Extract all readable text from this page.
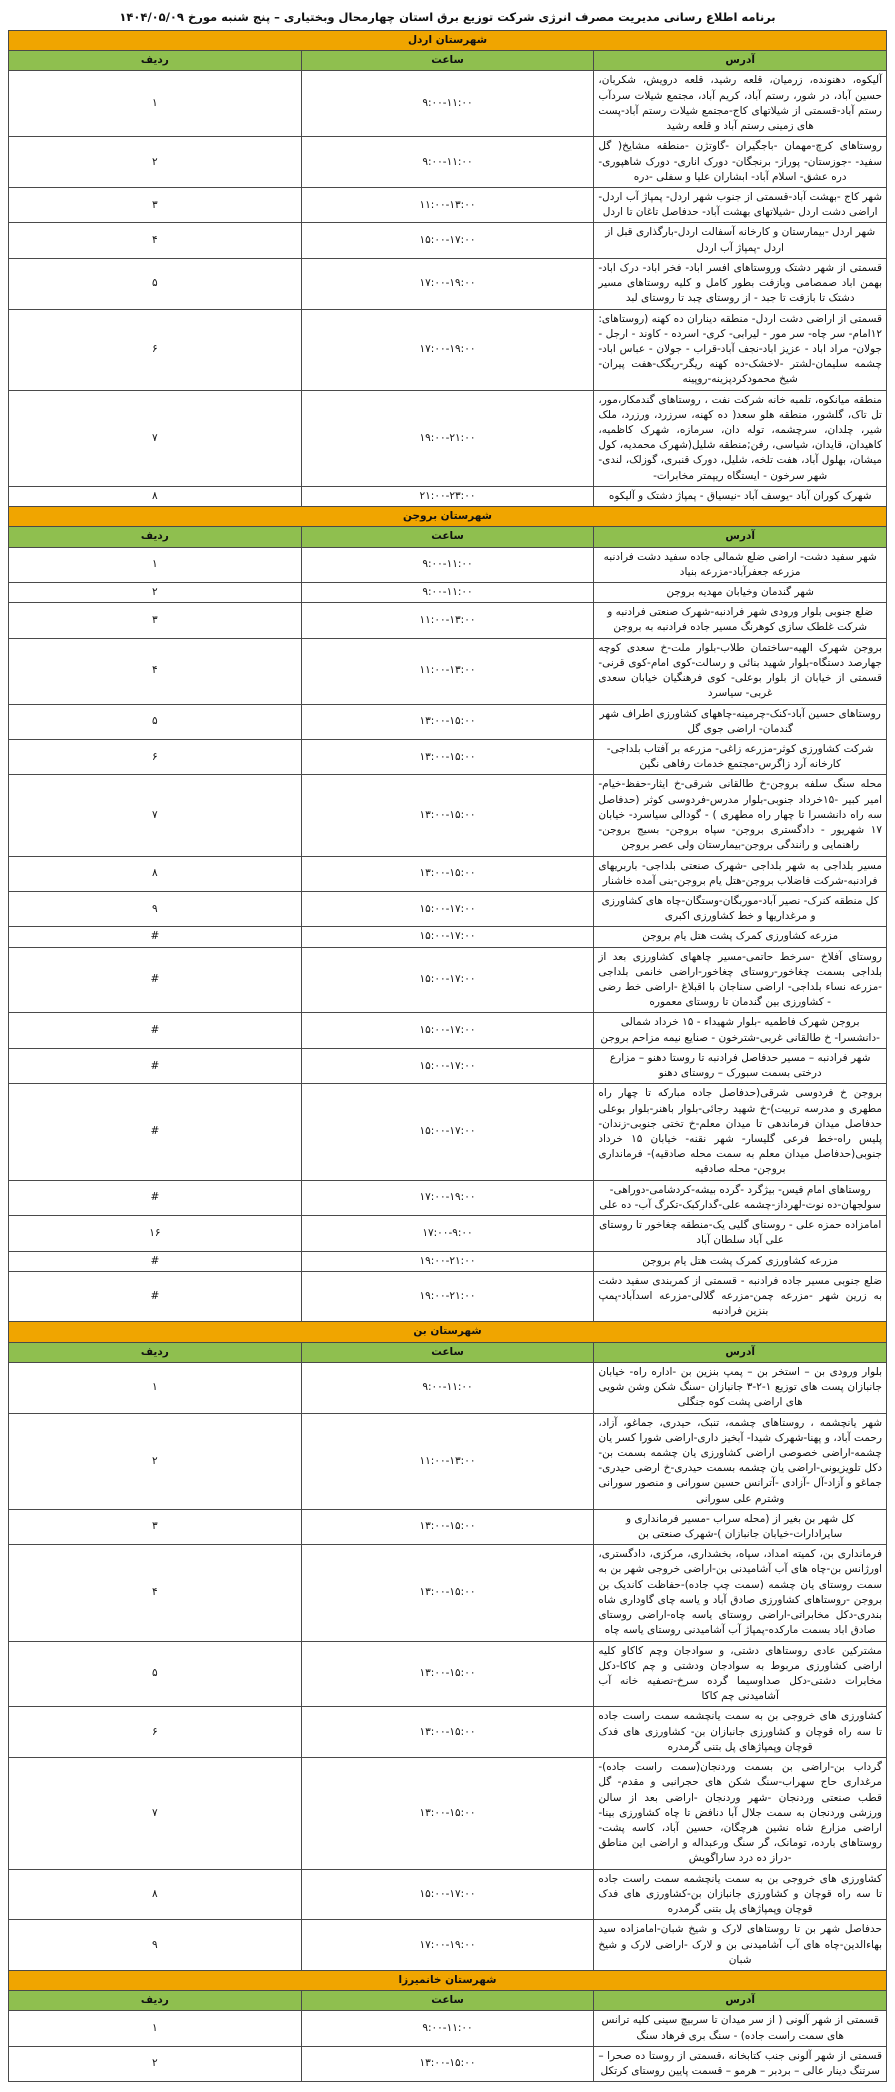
برنامه اطلاع رسانی مدیریت مصرف انرژی شرکت توزیع برق استان چهارمحال وبختیاری – پنج شنبه مورخ ۱۴۰۴/۰۵/۰۹
شهرستان اردل		
آدرس	ساعت	ردیف
آلیکوه، دهنونده، زرمیان، قلعه رشید، قلعه درویش، شکربان، حسین آباد، در شور، رستم آباد، کریم آباد، مجتمع شیلات سردآب رستم آباد-قسمتی از شیلاتهای کاج-مجتمع شیلات رستم آباد-پست های زمینی رستم آباد و قلعه رشید	۹:۰۰-۱۱:۰۰	۱
روستاهای کرچ-مهمان -باجگیران -گاوتژن -منطقه مشایخ( گل سفید- -جوزستان- پوراز- برنجگان- دورک اناری- دورک شاهپوری-دره عشق- اسلام آباد- ابشاران علیا و سفلی -دره	۹:۰۰-۱۱:۰۰	۲
شهر کاج -بهشت آباد-قسمتی از جنوب شهر اردل- پمپاژ آب اردل- اراضی دشت اردل -شیلاتهای بهشت آباد- حدفاصل تاغان تا اردل	۱۱:۰۰-۱۳:۰۰	۳
شهر اردل -بیمارستان و کارخانه آسفالت اردل-بارگذاری قبل از اردل -پمپاژ آب اردل	۱۵:۰۰-۱۷:۰۰	۴
قسمتی از شهر دشتک وروستاهای افسر اباد- فخر اباد- درک اباد- بهمن اباد صمصامی وبازفت بطور کامل و کلیه روستاهای مسیر دشتک تا بازفت تا جبد - از روستای چبد تا روستای لبد	۱۷:۰۰-۱۹:۰۰	۵
قسمتی از اراضی دشت اردل- منطقه دیناران ده کهنه (روستاهای: ۱۲امام- سر چاه- سر مور - لیرابی- کری- اسرده - کاوند - ارجل - جولان- مراد اباد - عزیز اباد-نجف آباد-قراب - جولان - عباس اباد- چشمه سلیمان-لشتر -لاخشک-ده کهنه ریگر-ریگک-هفت پیران-شیخ محمودکردپزینه-روپینه	۱۷:۰۰-۱۹:۰۰	۶
منطقه میانکوه، تلمبه خانه شرکت نفت ، روستاهای گندمکار،مور، تل تاک، گلشور، منطقه هلو سعد( ده کهنه، سرزرد، ورزرد، ملک شیر، چلدان، سرچشمه، توله دان، سرمازه، شهرک کاظمیه، کاهیدان، قایدان، شیاسی، رفن;منطقه شلیل(شهرک محمدیه، کول میشان، بهلول آباد، هفت تلخه، شلیل، دورک قنبری، گوزلک، لندی- شهر سرخون - ایستگاه ریپمتر مخابرات-	۱۹:۰۰-۲۱:۰۰	۷
شهرک کوران آباد -یوسف آباد -نیسیاق - پمپاژ دشتک و آلیکوه	۲۱:۰۰-۲۳:۰۰	۸
شهرستان بروجن		
آدرس	ساعت	ردیف
شهر سفید دشت- اراضی ضلع شمالی جاده سفید دشت فرادنبه مزرعه جعفرآباد-مزرعه بنیاد	۹:۰۰-۱۱:۰۰	۱
شهر گندمان وخیابان مهدیه بروجن	۹:۰۰-۱۱:۰۰	۲
ضلع جنوبی بلوار ورودی شهر فرادنبه-شهرک صنعتی فرادنبه و شرکت غلطک سازی کوهرنگ مسیر جاده فرادنبه به بروجن	۱۱:۰۰-۱۳:۰۰	۳
بروجن شهرک الهیه-ساختمان طلاب-بلوار ملت-خ سعدی کوچه جهارصد دستگاه-بلوار شهید بنائی و رسالت-کوی امام-کوی قرنی-قسمتی از خیابان از بلوار بوعلی- کوی فرهنگیان خیابان سعدی غربی- سیاسرد	۱۱:۰۰-۱۳:۰۰	۴
روستاهای حسین آباد-کنک-چرمینه-چاههای کشاورزی اطراف شهر گندمان- اراضی جوی گل	۱۳:۰۰-۱۵:۰۰	۵
شرکت کشاورزی کوثر-مزرعه زاغی- مزرعه بر آفتاب بلداجی- کارخانه آرد زاگرس-مجتمع خدمات رفاهی نگین	۱۳:۰۰-۱۵:۰۰	۶
محله سنگ سلفه بروجن-خ طالقانی شرقی-خ ایثار-حفظ-خیام-امیر کبیر -۱۵خرداد جنوبی-بلوار مدرس-فردوسی کوثر (حدفاصل سه راه دانشسرا تا چهار راه مطهری ) - گودالی سیاسرد- خیابان ۱۷ شهریور - دادگستری بروجن- سپاه بروجن- بسیج بروجن- راهنمایی و رانندگی بروجن-بیمارستان ولی عصر بروجن	۱۳:۰۰-۱۵:۰۰	۷
مسیر بلداجی به شهر بلداجی -شهرک صنعتی بلداجی- باربریهای فرادنبه-شرکت فاضلاب بروجن-هتل یام بروجن-بنی آمده خاشنار	۱۳:۰۰-۱۵:۰۰	۸
کل منطقه کنرک- نصیر آباد-موربگان-وستگان-چاه های کشاورزی و مرغداریها و خط کشاورزی اکبری	۱۵:۰۰-۱۷:۰۰	۹
مزرعه کشاورزی کمرک پشت هتل یام بروجن	۱۵:۰۰-۱۷:۰۰	#
روستای آفلاخ -سرخط حاتمی-مسیر چاههای کشاورزی بعد از بلداجی بسمت چغاخور-روستای چغاخور-اراضی خانمی بلداجی -مزرعه نساء بلداجی- اراضی سناجان با اقبلاغ -اراضی خط رضی - کشاورزی بین گندمان تا روستای معموره	۱۵:۰۰-۱۷:۰۰	#
بروجن شهرک فاطمیه -بلوار شهیداء - ۱۵ خرداد شمالی -دانشسرا- خ طالقانی غربی-شترخون - صنایع نیمه مزاحم بروجن	۱۵:۰۰-۱۷:۰۰	#
شهر فرادنبه – مسیر حدفاصل فرادنبه تا روستا دهنو – مزارع درختی بسمت سبورک – روستای دهنو	۱۵:۰۰-۱۷:۰۰	#
بروجن خ فردوسی شرقی(حدفاصل جاده مبارکه تا چهار راه مطهری و مدرسه تربیت)-خ شهید رجائی-بلوار باهنر-بلوار بوعلی حدفاصل میدان فرماندهی تا میدان معلم-خ تختی جنوبی-زندان-پلیس راه-خط فرعی گلیسار- شهر نقنه- خیابان ۱۵ خرداد جنوبی(حدفاصل میدان معلم به سمت محله صادقیه)- فرمانداری بروجن- محله صادقیه	۱۵:۰۰-۱۷:۰۰	#
روستاهای امام قیس- بیژگرد -گرده بیشه-کردشامی-دوراهی-سولجهان-ده نوت-لهرداز-چشمه علی-گدارکبک-تکرگ آب- ده علی	۱۷:۰۰-۱۹:۰۰	#
امامزاده حمزه علی - روستای گلیی یک-منطقه چغاخور تا روستای علی آباد سلطان آباد	۱۷:۰۰-۹:۰۰	۱۶
مزرعه کشاورزی کمرک پشت هتل یام بروجن	۱۹:۰۰-۲۱:۰۰	#
ضلع جنوبی مسیر جاده فرادنبه - قسمتی از کمربندی سفید دشت به زرین شهر -مزرعه چمن-مزرعه گلالی-مزرعه اسدآباد-پمپ بنزین فرادنبه	۱۹:۰۰-۲۱:۰۰	#
شهرستان بن		
آدرس	ساعت	ردیف
بلوار ورودی بن – استخر بن – پمپ بنزین بن -اداره راه- خیابان جانبازان پست های توزیع ۱-۲-۳ جانبازان -سنگ شکن وشن شویی های اراضی پشت کوه جنگلی	۹:۰۰-۱۱:۰۰	۱
شهر یانچشمه ، روستاهای چشمه، تنبک، حیدری، جماغو، آزاد، رحمت آباد، و پهنا-شهرک شیدا- آبخیز داری-اراضی شورا کسر یان چشمه-اراضی خصوصی اراضی کشاورزی یان چشمه بسمت بن-دکل تلویزیونی-اراضی یان چشمه بسمت حیدری-خ ارضی حیدری- جماغو و آزاد-آل -آزادی -آترانس حسین سورانی و منصور سورانی وشترم علی سورانی	۱۱:۰۰-۱۳:۰۰	۲
کل شهر بن بغیر از (محله سراب -مسیر فرمانداری و سایرادارات-خیابان جانبازان )-شهرک صنعتی بن	۱۳:۰۰-۱۵:۰۰	۳
فرمانداری بن، کمیته امداد، سپاه، بخشداری، مرکزی، دادگستری، اورژانس بن-چاه های آب آشامیدنی بن-اراضی خروجی شهر بن به سمت روستای یان چشمه (سمت چپ جاده)-حفاظت کاندیک بن بروجن -روستاهای کشاورزی صادق آباد و یاسه چای گاوداری شاه بندری-دکل مخابراتی-اراضی روستای یاسه چاه-اراضی روستای صادق اباد بسمت مارکده-پمپاژ آب آشامیدنی روستای یاسه چاه	۱۳:۰۰-۱۵:۰۰	۴
مشترکین عادی روستاهای دشتی، و سوادجان وچم کاکاو کلیه اراضی کشاورزی مربوط به سوادجان ودشتی و چم کاکا-دکل مخابرات دشتی-دکل صداوسیما گرده سرخ-تصفیه خانه آب آشامیدنی چم کاکا	۱۳:۰۰-۱۵:۰۰	۵
کشاورزی های خروجی بن به سمت یانچشمه سمت راست جاده تا سه راه قوچان و کشاورزی جانبازان بن- کشاورزی های فدک قوچان وپمپاژهای پل بتنی گرمدره	۱۳:۰۰-۱۵:۰۰	۶
گرداب بن-اراضی بن بسمت وردنجان(سمت راست جاده)-مرغداری حاج سهراب-سنگ شکن های حجرانبی و مقدم- گل قطب صنعتی وردنجان -شهر وردنجان -اراضی بعد از سالن ورزشی وردنجان به سمت جلال آبا دنافض تا چاه کشاورزی بینا- اراضی مزارع شاه نشین هرچگان، حسین آباد، کاسه پشت-روستاهای بارده، تومانک، گر سنگ ورعبداله و اراضی این مناطق -دراز ده درد ساراگویش	۱۳:۰۰-۱۵:۰۰	۷
کشاورزی های خروجی بن به سمت یانچشمه سمت راست جاده تا سه راه قوچان و کشاورزی جانبازان بن-کشاورزی های فدک قوچان وپمپاژهای پل بتنی گرمدره	۱۵:۰۰-۱۷:۰۰	۸
حدفاصل شهر بن تا روستاهای لارک و شیخ شبان-امامزاده سید بهاءالدین-چاه های آب آشامیدنی بن و لارک -اراضی لارک و شیخ شبان	۱۷:۰۰-۱۹:۰۰	۹
شهرستان خانمیرزا		
آدرس	ساعت	ردیف
قسمتی از شهر آلونی ( از سر میدان تا سربیچ سینی کلیه ترانس های سمت راست جاده) - سنگ بری فرهاد سنگ	۹:۰۰-۱۱:۰۰	۱
قسمتی از شهر آلونی جنب کتابخانه ،قسمتی از روستا ده صحرا – سرتنگ دینار عالی – بردبر – هرمو – قسمت پایین روستای کرتکل	۱۳:۰۰-۱۵:۰۰	۲
